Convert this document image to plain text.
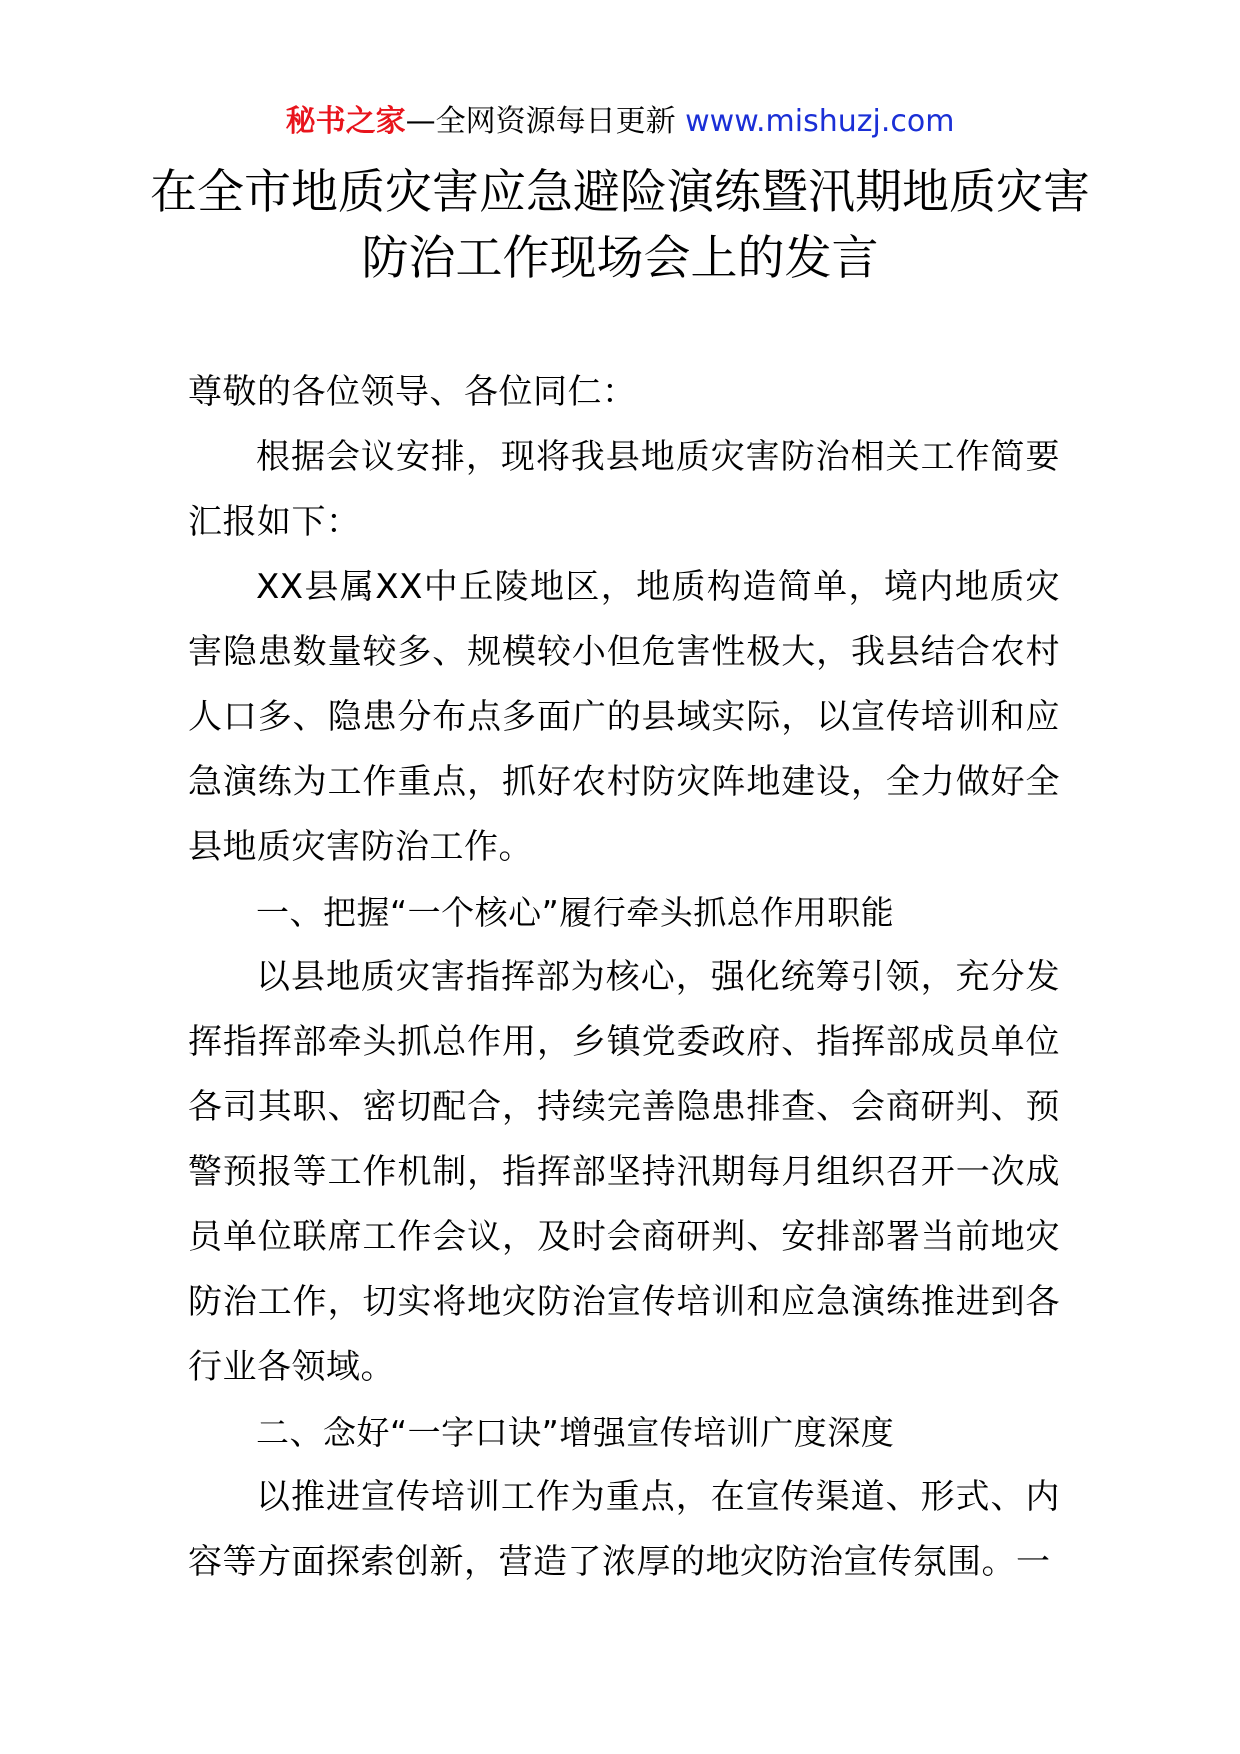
秘书之家—全网资源每日更新 www.mishuzj.com
在全市地质灾害应急避险演练暨汛期地质灾害防治工作现场会上的发言

尊敬的各位领导、各位同仁：

根据会议安排，现将我县地质灾害防治相关工作简要汇报如下：

XX县属XX中丘陵地区，地质构造简单，境内地质灾害隐患数量较多、规模较小但危害性极大，我县结合农村人口多、隐患分布点多面广的县域实际，以宣传培训和应急演练为工作重点，抓好农村防灾阵地建设，全力做好全县地质灾害防治工作。

一、把握“一个核心”履行牵头抓总作用职能

以县地质灾害指挥部为核心，强化统筹引领，充分发挥指挥部牵头抓总作用，乡镇党委政府、指挥部成员单位各司其职、密切配合，持续完善隐患排查、会商研判、预警预报等工作机制，指挥部坚持汛期每月组织召开一次成员单位联席工作会议，及时会商研判、安排部署当前地灾防治工作，切实将地灾防治宣传培训和应急演练推进到各行业各领域。

二、念好“一字口诀”增强宣传培训广度深度

以推进宣传培训工作为重点，在宣传渠道、形式、内容等方面探索创新，营造了浓厚的地灾防治宣传氛围。一
